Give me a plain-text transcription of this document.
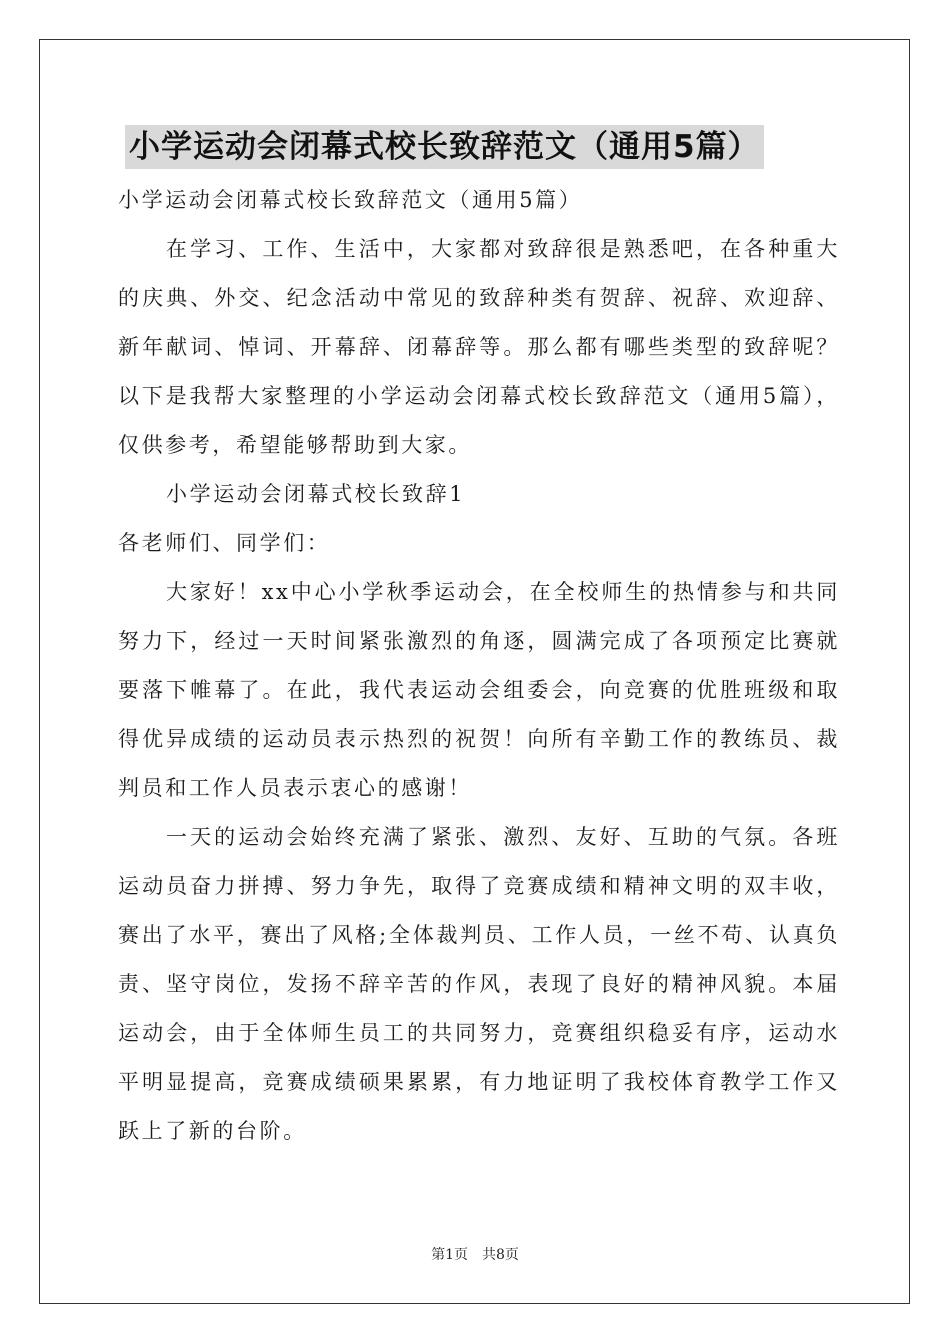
小学运动会闭幕式校长致辞范文（通用5篇）

小学运动会闭幕式校长致辞范文（通用5篇）

在学习、工作、生活中，大家都对致辞很是熟悉吧，在各种重大的庆典、外交、纪念活动中常见的致辞种类有贺辞、祝辞、欢迎辞、新年献词、悼词、开幕辞、闭幕辞等。那么都有哪些类型的致辞呢？以下是我帮大家整理的小学运动会闭幕式校长致辞范文（通用5篇），仅供参考，希望能够帮助到大家。

小学运动会闭幕式校长致辞1

各老师们、同学们：

大家好！xx中心小学秋季运动会，在全校师生的热情参与和共同努力下，经过一天时间紧张激烈的角逐，圆满完成了各项预定比赛就要落下帷幕了。在此，我代表运动会组委会，向竞赛的优胜班级和取得优异成绩的运动员表示热烈的祝贺！向所有辛勤工作的教练员、裁判员和工作人员表示衷心的感谢！

一天的运动会始终充满了紧张、激烈、友好、互助的气氛。各班运动员奋力拼搏、努力争先，取得了竞赛成绩和精神文明的双丰收，赛出了水平，赛出了风格;全体裁判员、工作人员，一丝不苟、认真负责、坚守岗位，发扬不辞辛苦的作风，表现了良好的精神风貌。本届运动会，由于全体师生员工的共同努力，竞赛组织稳妥有序，运动水平明显提高，竞赛成绩硕果累累，有力地证明了我校体育教学工作又跃上了新的台阶。

第1页　共8页
